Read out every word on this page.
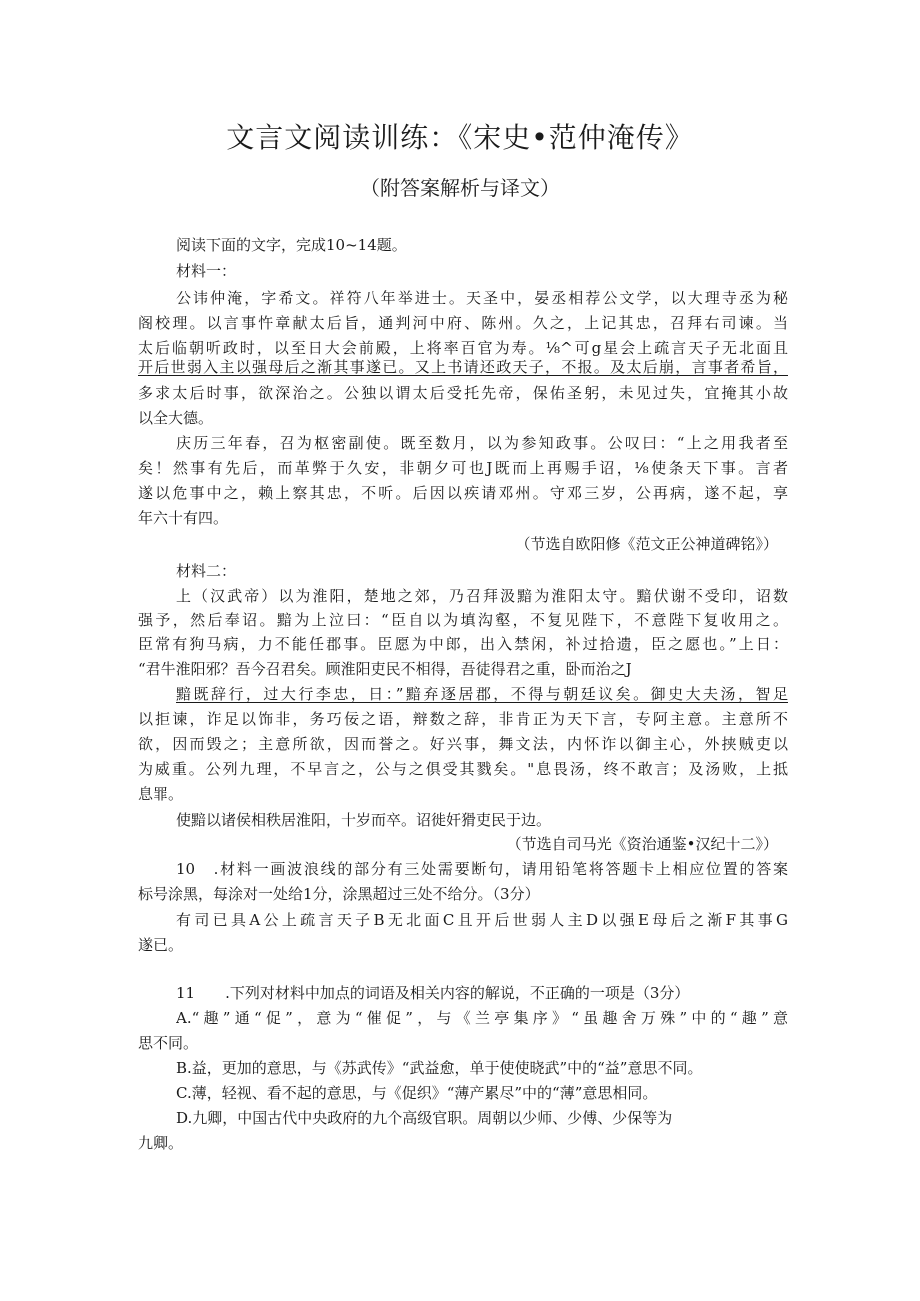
文言文阅读训练：《宋史•范仲淹传》
（附答案解析与译文）
阅读下面的文字，完成10~14题。
材料一：
公讳仲淹，字希文。祥符八年举进士。天圣中，晏丞相荐公文学，以大理寺丞为秘
阁校理。以言事忤章献太后旨，通判河中府、陈州。久之，上记其忠，召拜右司谏。当
太后临朝听政时，以至日大会前殿，上将率百官为寿。⅛^可g星会上疏言天子无北面且
开后世弱入主以强母后之渐其事遂已。又上书请还政天子，不报。及太后崩，言事者希旨，
多求太后时事，欲深治之。公独以谓太后受托先帝，保佑圣躬，未见过失，宜掩其小故
以全大德。
庆历三年春，召为枢密副使。既至数月，以为参知政事。公叹曰：“上之用我者至
矣！然事有先后，而革弊于久安，非朝夕可也J既而上再赐手诏，⅛使条天下事。言者
遂以危事中之，赖上察其忠，不听。后因以疾请邓州。守邓三岁，公再病，遂不起，享
年六十有四。
（节选自欧阳修《范文正公神道碑铭》）
材料二：
上（汉武帝）以为淮阳，楚地之郊，乃召拜汲黯为淮阳太守。黯伏谢不受印，诏数
强予，然后奉诏。黯为上泣曰：“臣自以为填沟壑，不复见陛下，不意陛下复收用之。
臣常有狗马病，力不能任郡事。臣愿为中郎，出入禁闲，补过拾遗，臣之愿也。”上日：
“君牛淮阳邪？吾今召君矣。顾淮阳吏民不相得，吾徒得君之重，卧而治之J
黯既辞行，过大行李忠，日：”黯弃逐居郡，不得与朝廷议矣。御史大夫汤，智足
以拒谏，诈足以饰非，务巧佞之语，辩数之辞，非肯正为天下言，专阿主意。主意所不
欲，因而毁之；主意所欲，因而誉之。好兴事，舞文法，内怀诈以御主心，外挟贼吏以
为威重。公列九理，不早言之，公与之俱受其戮矣。"息畏汤，终不敢言；及汤败，上抵
息罪。
使黯以诸侯相秩居淮阳，十岁而卒。诏徙奸猾吏民于边。
（节选自司马光《资治通鉴•汉纪十二》）
10　.材料一画波浪线的部分有三处需要断句，请用铅笔将答题卡上相应位置的答案
标号涂黑，每涂对一处给1分，涂黑超过三处不给分。（3分）
有司已具A公上疏言天子B无北面C且开后世弱人主D以强E母后之渐F其事G
遂已。
11　　.下列对材料中加点的词语及相关内容的解说，不正确的一项是（3分）
A.“趣”通“促”，意为“催促”，与《兰亭集序》“虽趣舍万殊”中的“趣”意
思不同。
B.益，更加的意思，与《苏武传》“武益愈，单于使使晓武”中的“益”意思不同。
C.薄，轻视、看不起的意思，与《促织》“薄产累尽”中的“薄”意思相同。
D.九卿，中国古代中央政府的九个高级官职。周朝以少师、少傅、少保等为
九卿。
